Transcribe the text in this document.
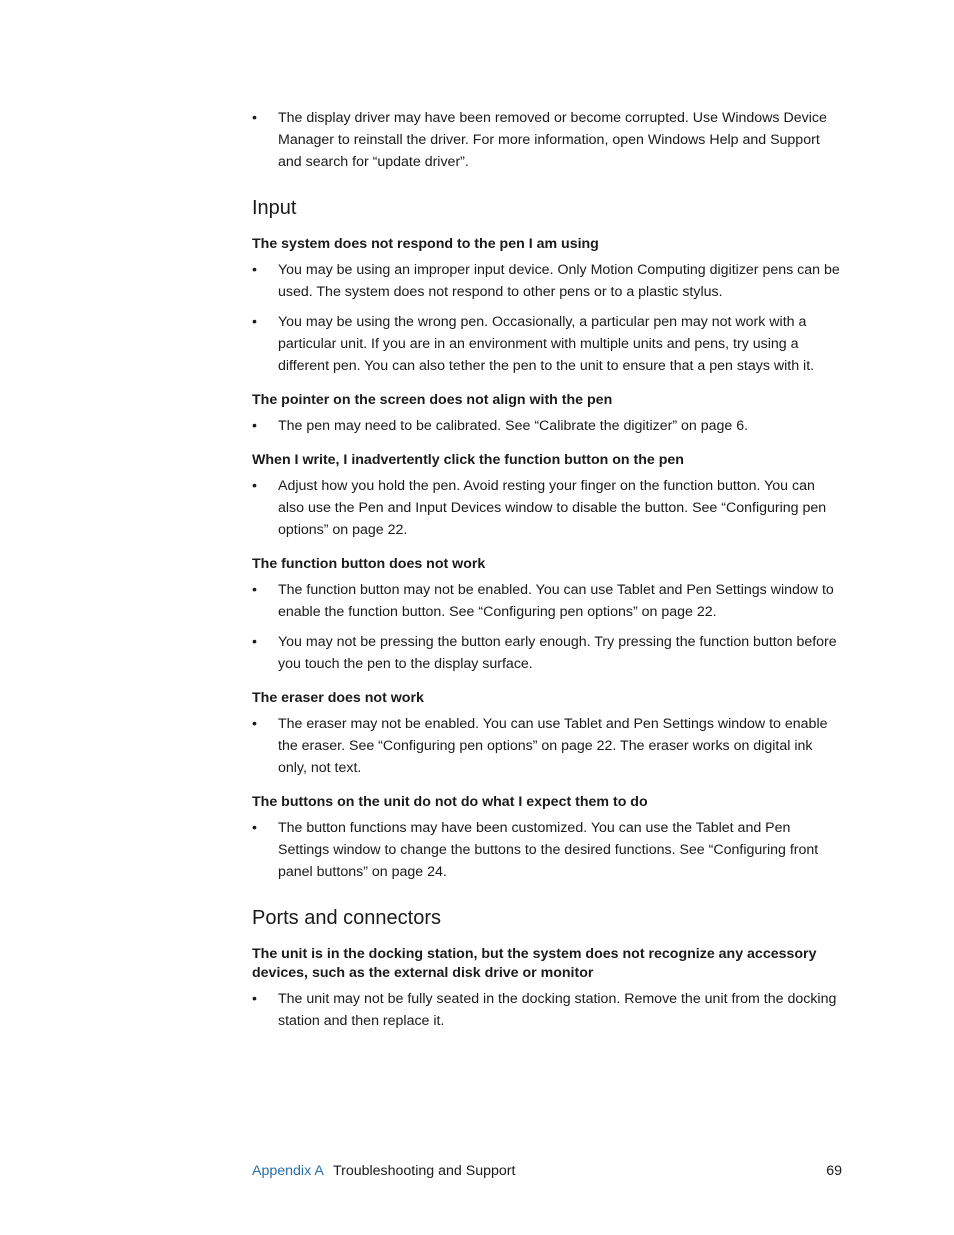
• The display driver may have been removed or become corrupted. Use Windows Device Manager to reinstall the driver. For more information, open Windows Help and Support and search for “update driver”.
Input
The system does not respond to the pen I am using
• You may be using an improper input device. Only Motion Computing digitizer pens can be used. The system does not respond to other pens or to a plastic stylus.
• You may be using the wrong pen. Occasionally, a particular pen may not work with a particular unit. If you are in an environment with multiple units and pens, try using a different pen. You can also tether the pen to the unit to ensure that a pen stays with it.
The pointer on the screen does not align with the pen
• The pen may need to be calibrated. See “Calibrate the digitizer” on page 6.
When I write, I inadvertently click the function button on the pen
• Adjust how you hold the pen. Avoid resting your finger on the function button. You can also use the Pen and Input Devices window to disable the button. See “Configuring pen options” on page 22.
The function button does not work
• The function button may not be enabled. You can use Tablet and Pen Settings window to enable the function button. See “Configuring pen options” on page 22.
• You may not be pressing the button early enough. Try pressing the function button before you touch the pen to the display surface.
The eraser does not work
• The eraser may not be enabled. You can use Tablet and Pen Settings window to enable the eraser. See “Configuring pen options” on page 22. The eraser works on digital ink only, not text.
The buttons on the unit do not do what I expect them to do
• The button functions may have been customized. You can use the Tablet and Pen Settings window to change the buttons to the desired functions. See “Configuring front panel buttons” on page 24.
Ports and connectors
The unit is in the docking station, but the system does not recognize any accessory devices, such as the external disk drive or monitor
• The unit may not be fully seated in the docking station. Remove the unit from the docking station and then replace it.
Appendix A Troubleshooting and Support	69
